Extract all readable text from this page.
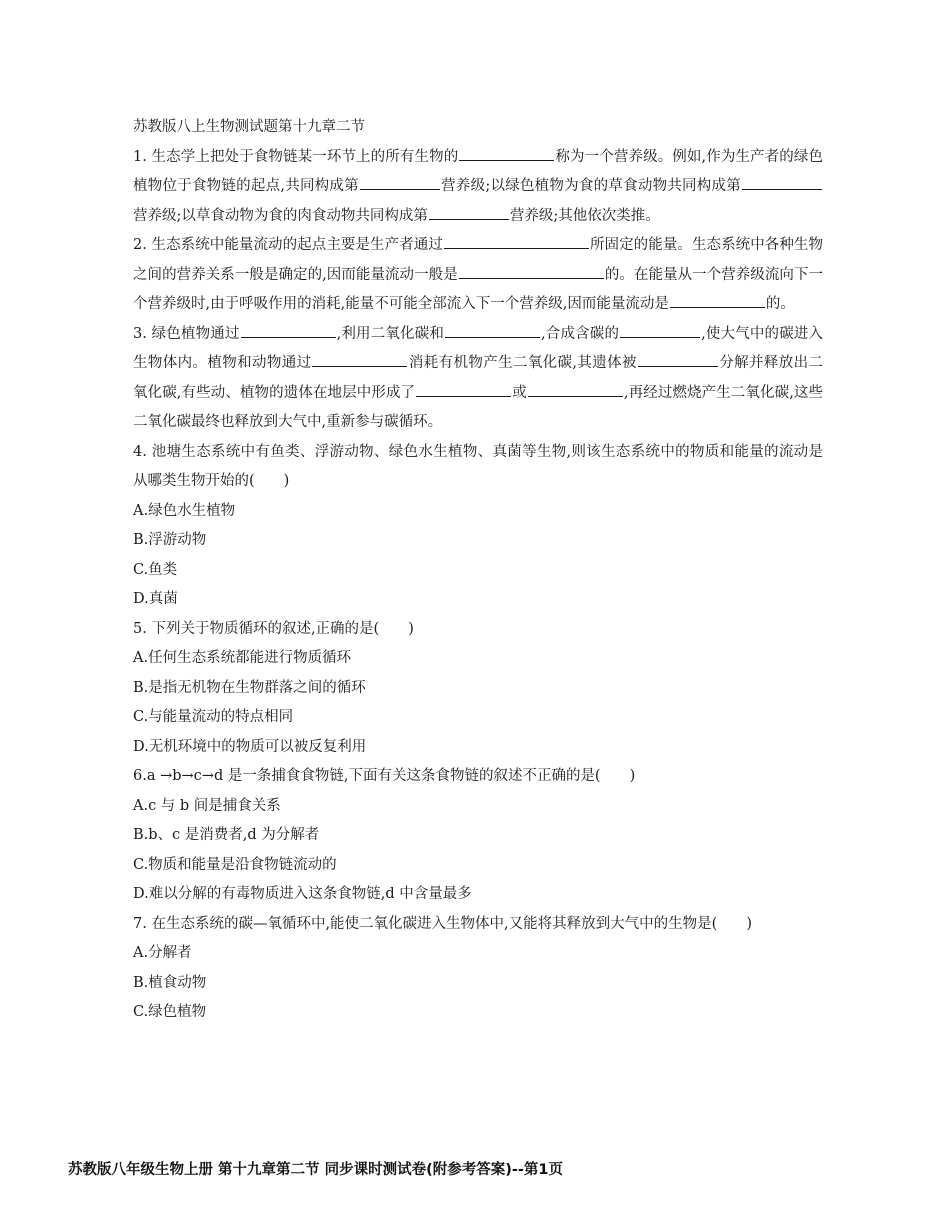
苏教版八上生物测试题第十九章二节

1. 生态学上把处于食物链某一环节上的所有生物的	称为一个营养级。例如,作为生产者的绿色植物位于食物链的起点,共同构成第	营养级;以绿色植物为食的草食动物共同构成第营养级;以草食动物为食的肉食动物共同构成第	营养级;其他依次类推。

2. 生态系统中能量流动的起点主要是生产者通过	所固定的能量。生态系统中各种生物之间的营养关系一般是确定的,因而能量流动一般是	的。在能量从一个营养级流向下一个营养级时,由于呼吸作用的消耗,能量不可能全部流入下一个营养级,因而能量流动是	的。

3. 绿色植物通过	,利用二氧化碳和	,合成含碳的	,使大气中的碳进入生物体内。植物和动物通过	消耗有机物产生二氧化碳,其遗体被	分解并释放出二氧化碳,有些动、植物的遗体在地层中形成了	或	,再经过燃烧产生二氧化碳,这些二氧化碳最终也释放到大气中,重新参与碳循环。

4. 池塘生态系统中有鱼类、浮游动物、绿色水生植物、真菌等生物,则该生态系统中的物质和能量的流动是从哪类生物开始的(　　)

A.绿色水生植物

B.浮游动物

C.鱼类

D.真菌

5. 下列关于物质循环的叙述,正确的是(　　)

A.任何生态系统都能进行物质循环

B.是指无机物在生物群落之间的循环

C.与能量流动的特点相同

D.无机环境中的物质可以被反复利用

6.a →b→c→d 是一条捕食食物链,下面有关这条食物链的叙述不正确的是(　　)

A.c 与 b 间是捕食关系

B.b、c 是消费者,d 为分解者

C.物质和能量是沿食物链流动的

D.难以分解的有毒物质进入这条食物链,d 中含量最多

7. 在生态系统的碳—氧循环中,能使二氧化碳进入生物体中,又能将其释放到大气中的生物是(　　)

A.分解者

B.植食动物

C.绿色植物

苏教版八年级生物上册 第十九章第二节 同步课时测试卷(附参考答案)--第1页
